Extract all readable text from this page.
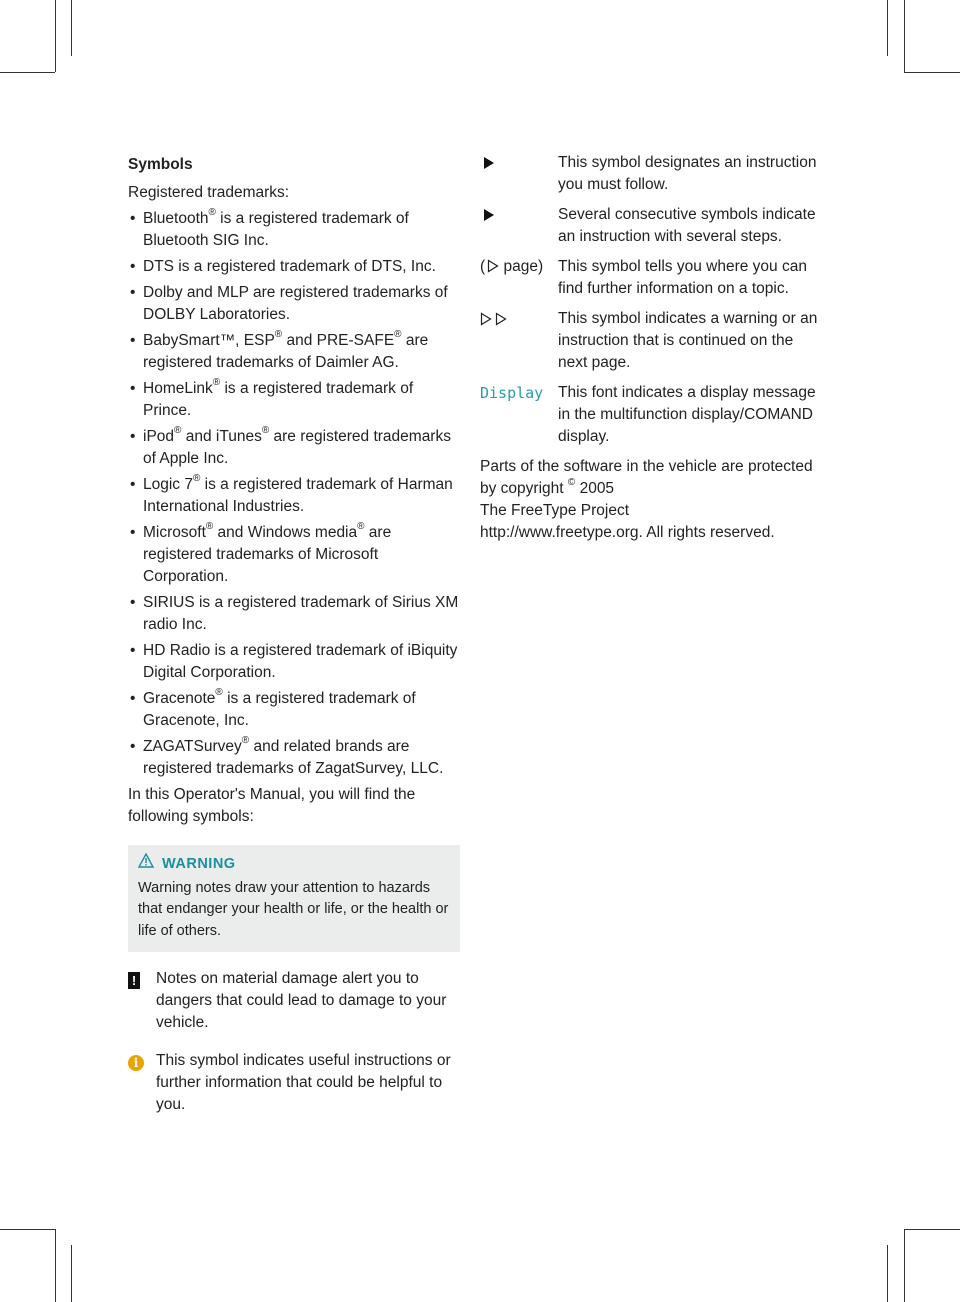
Symbols
Registered trademarks:
• Bluetooth® is a registered trademark of Bluetooth SIG Inc.
• DTS is a registered trademark of DTS, Inc.
• Dolby and MLP are registered trademarks of DOLBY Laboratories.
• BabySmart™, ESP® and PRE-SAFE® are registered trademarks of Daimler AG.
• HomeLink® is a registered trademark of Prince.
• iPod® and iTunes® are registered trademarks of Apple Inc.
• Logic 7® is a registered trademark of Harman International Industries.
• Microsoft® and Windows media® are registered trademarks of Microsoft Corporation.
• SIRIUS is a registered trademark of Sirius XM radio Inc.
• HD Radio is a registered trademark of iBiquity Digital Corporation.
• Gracenote® is a registered trademark of Gracenote, Inc.
• ZAGATSurvey® and related brands are registered trademarks of ZagatSurvey, LLC.
In this Operator's Manual, you will find the following symbols:
WARNING
Warning notes draw your attention to hazards that endanger your health or life, or the health or life of others.
! Notes on material damage alert you to dangers that could lead to damage to your vehicle.
i	This symbol indicates useful instructions or further information that could be helpful to you.
This symbol designates an instruction you must follow.
Several consecutive symbols indicate an instruction with several steps.
( page) This symbol tells you where you can find further information on a topic.
This symbol indicates a warning or an instruction that is continued on the next page.
Display This font indicates a display message in the multifunction display/COMAND display.
Parts of the software in the vehicle are protected by copyright © 2005
The FreeType Project
http://www.freetype.org. All rights reserved.
